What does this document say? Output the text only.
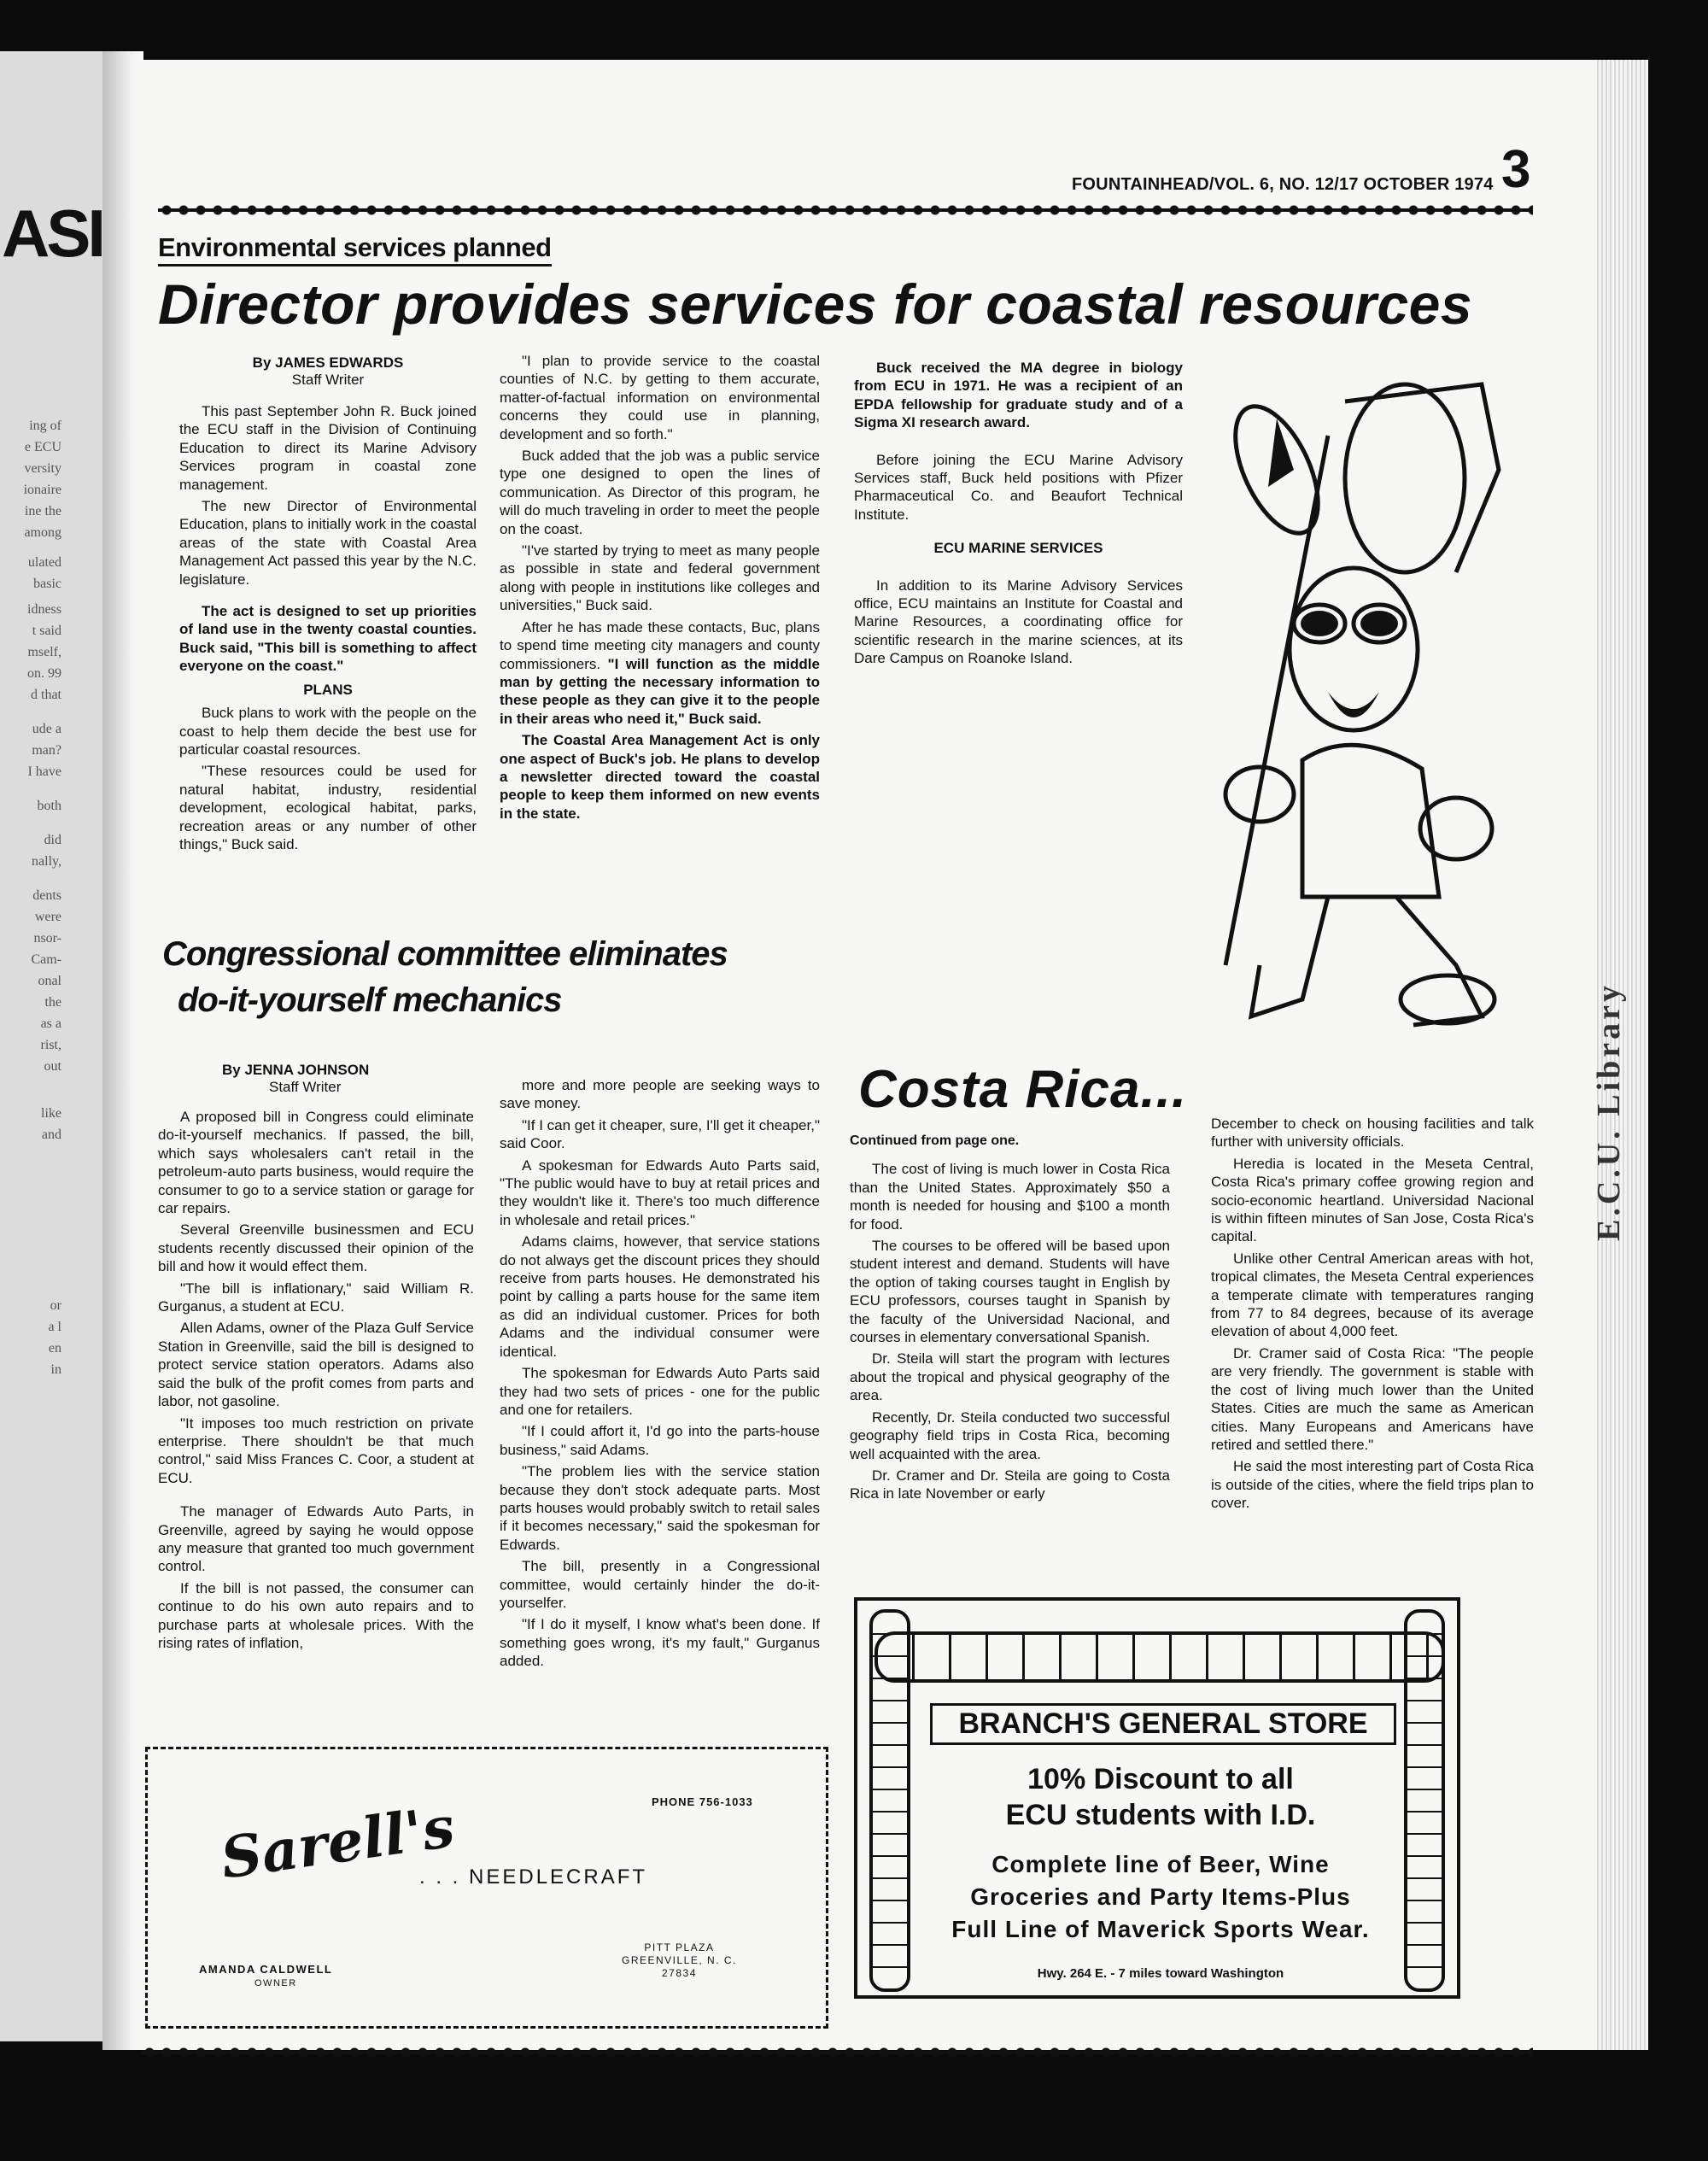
АSI
ing of
e ECU
versity
ionaire
ine the
among
ulated
basic
idness
t said
mself,
on. 99
d that
ude a
man?
I have
both
did
nally,
dents
were
nsor-
Cam-
onal
the
as a
rist,
out
like
and
or
a l
en
in
E.C.U. Library
FOUNTAINHEAD/VOL. 6, NO. 12/17 OCTOBER 1974 3
Environmental services planned
Director provides services for coastal resources
By JAMES EDWARDS
Staff Writer

This past September John R. Buck joined the ECU staff in the Division of Continuing Education to direct its Marine Advisory Services program in coastal zone management.

The new Director of Environmental Education, plans to initially work in the coastal areas of the state with Coastal Area Management Act passed this year by the N.C. legislature.

The act is designed to set up priorities of land use in the twenty coastal counties. Buck said, "This bill is something to affect everyone on the coast."

PLANS

Buck plans to work with the people on the coast to help them decide the best use for particular coastal resources.

"These resources could be used for natural habitat, industry, residential development, ecological habitat, parks, recreation areas or any number of other things," Buck said.

"I plan to provide service to the coastal counties of N.C. by getting to them accurate, matter-of-factual information on environmental concerns they could use in planning, development and so forth."

Buck added that the job was a public service type one designed to open the lines of communication. As Director of this program, he will do much traveling in order to meet the people on the coast.

"I've started by trying to meet as many people as possible in state and federal government along with people in institutions like colleges and universities," Buck said.

After he has made these contacts, Buc, plans to spend time meeting city managers and county commissioners. "I will function as the middle man by getting the necessary information to these people as they can give it to the people in their areas who need it," Buck said.

The Coastal Area Management Act is only one aspect of Buck's job. He plans to develop a newsletter directed toward the coastal people to keep them informed on new events in the state.

Buck received the MA degree in biology from ECU in 1971. He was a recipient of an EPDA fellowship for graduate study and of a Sigma XI research award.

Before joining the ECU Marine Advisory Services staff, Buck held positions with Pfizer Pharmaceutical Co. and Beaufort Technical Institute.

ECU MARINE SERVICES

In addition to its Marine Advisory Services office, ECU maintains an Institute for Coastal and Marine Resources, a coordinating office for scientific research in the marine sciences, at its Dare Campus on Roanoke Island.

Congressional committee eliminates
do-it-yourself mechanics
By JENNA JOHNSON
Staff Writer

A proposed bill in Congress could eliminate do-it-yourself mechanics. If passed, the bill, which says wholesalers can't retail in the petroleum-auto parts business, would require the consumer to go to a service station or garage for car repairs.

Several Greenville businessmen and ECU students recently discussed their opinion of the bill and how it would effect them.

"The bill is inflationary," said William R. Gurganus, a student at ECU.

Allen Adams, owner of the Plaza Gulf Service Station in Greenville, said the bill is designed to protect service station operators. Adams also said the bulk of the profit comes from parts and labor, not gasoline.

"It imposes too much restriction on private enterprise. There shouldn't be that much control," said Miss Frances C. Coor, a student at ECU.

The manager of Edwards Auto Parts, in Greenville, agreed by saying he would oppose any measure that granted too much government control.

If the bill is not passed, the consumer can continue to do his own auto repairs and to purchase parts at wholesale prices. With the rising rates of inflation,

more and more people are seeking ways to save money.

"If I can get it cheaper, sure, I'll get it cheaper," said Coor.

A spokesman for Edwards Auto Parts said, "The public would have to buy at retail prices and they wouldn't like it. There's too much difference in wholesale and retail prices."

Adams claims, however, that service stations do not always get the discount prices they should receive from parts houses. He demonstrated his point by calling a parts house for the same item as did an individual customer. Prices for both Adams and the individual consumer were identical.

The spokesman for Edwards Auto Parts said they had two sets of prices - one for the public and one for retailers.

"If I could affort it, I'd go into the parts-house business," said Adams.

"The problem lies with the service station because they don't stock adequate parts. Most parts houses would probably switch to retail sales if it becomes necessary," said the spokesman for Edwards.

The bill, presently in a Congressional committee, would certainly hinder the do-it-yourselfer.

"If I do it myself, I know what's been done. If something goes wrong, it's my fault," Gurganus added.

Costa Rica...
Continued from page one.

The cost of living is much lower in Costa Rica than the United States. Approximately $50 a month is needed for housing and $100 a month for food.

The courses to be offered will be based upon student interest and demand. Students will have the option of taking courses taught in English by ECU professors, courses taught in Spanish by the faculty of the Universidad Nacional, and courses in elementary conversational Spanish.

Dr. Steila will start the program with lectures about the tropical and physical geography of the area.

Recently, Dr. Steila conducted two successful geography field trips in Costa Rica, becoming well acquainted with the area.

Dr. Cramer and Dr. Steila are going to Costa Rica in late November or early

December to check on housing facilities and talk further with university officials.

Heredia is located in the Meseta Central, Costa Rica's primary coffee growing region and socio-economic heartland. Universidad Nacional is within fifteen minutes of San Jose, Costa Rica's capital.

Unlike other Central American areas with hot, tropical climates, the Meseta Central experiences a temperate climate with temperatures ranging from 77 to 84 degrees, because of its average elevation of about 4,000 feet.

Dr. Cramer said of Costa Rica: "The people are very friendly. The government is stable with the cost of living much lower than the United States. Cities are much the same as American cities. Many Europeans and Americans have retired and settled there."

He said the most interesting part of Costa Rica is outside of the cities, where the field trips plan to cover.

PHONE 756-1033
Sarell's
. . . NEEDLECRAFT
AMANDA CALDWELL
OWNER
PITT PLAZA
GREENVILLE, N. C.
27834
BRANCH'S GENERAL STORE
10% Discount to all
ECU students with I.D.
Complete line of Beer, Wine
Groceries and Party Items-Plus
Full Line of Maverick Sports Wear.
Hwy. 264 E. - 7 miles toward Washington
